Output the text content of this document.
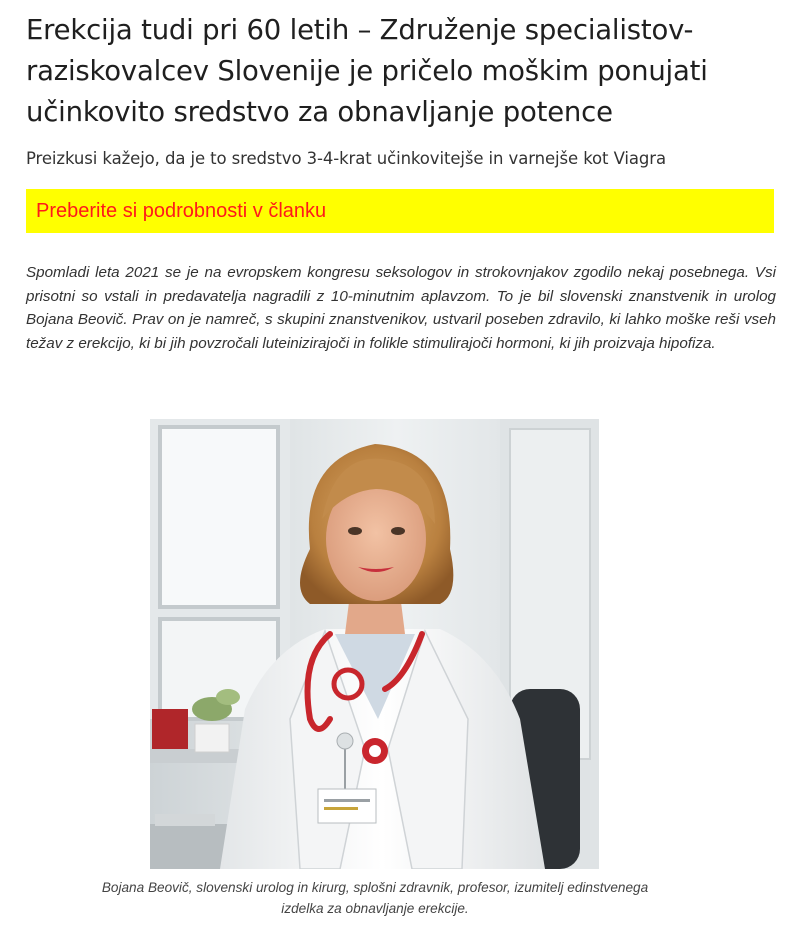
Erekcija tudi pri 60 letih – Združenje specialistov-raziskovalcev Slovenije je pričelo moškim ponujati učinkovito sredstvo za obnavljanje potence

Preizkusi kažejo, da je to sredstvo 3-4-krat učinkovitejše in varnejše kot Viagra

Preberite si podrobnosti v članku

Spomladi leta 2021 se je na evropskem kongresu seksologov in strokovnjakov zgodilo nekaj posebnega. Vsi prisotni so vstali in predavatelja nagradili z 10-minutnim aplavzom. To je bil slovenski znanstvenik in urolog Bojana Beovič. Prav on je namreč, s skupini znanstvenikov, ustvaril poseben zdravilo, ki lahko moške reši vseh težav z erekcijo, ki bi jih povzročali luteinizirajoči in folikle stimulirajoči hormoni, ki jih proizvaja hipofiza.

Bojana Beovič, slovenski urolog in kirurg, splošni zdravnik, profesor, izumitelj edinstvenega izdelka za obnavljanje erekcije.
